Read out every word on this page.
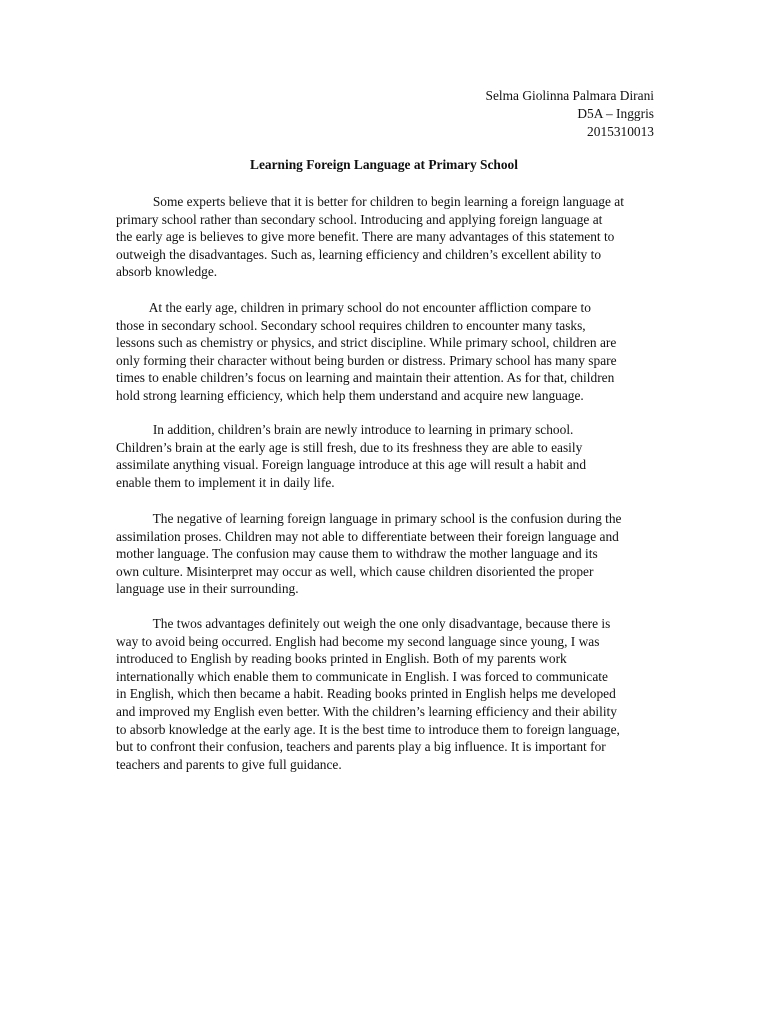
Selma Giolinna Palmara Dirani
D5A – Inggris
2015310013
Learning Foreign Language at Primary School
Some experts believe that it is better for children to begin learning a foreign language at
primary school rather than secondary school. Introducing and applying foreign language at
the early age is believes to give more benefit. There are many advantages of this statement to
outweigh the disadvantages. Such as, learning efficiency and children’s excellent ability to
absorb knowledge.
At the early age, children in primary school do not encounter affliction compare to
those in secondary school. Secondary school requires children to encounter many tasks,
lessons such as chemistry or physics, and strict discipline. While primary school, children are
only forming their character without being burden or distress. Primary school has many spare
times to enable children’s focus on learning and maintain their attention. As for that, children
hold strong learning efficiency, which help them understand and acquire new language.
In addition, children’s brain are newly introduce to learning in primary school.
Children’s brain at the early age is still fresh, due to its freshness they are able to easily
assimilate anything visual. Foreign language introduce at this age will result a habit and
enable them to implement it in daily life.
The negative of learning foreign language in primary school is the confusion during the
assimilation proses. Children may not able to differentiate between their foreign language and
mother language. The confusion may cause them to withdraw the mother language and its
own culture. Misinterpret may occur as well, which cause children disoriented the proper
language use in their surrounding.
The twos advantages definitely out weigh the one only disadvantage, because there is
way to avoid being occurred. English had become my second language since young, I was
introduced to English by reading books printed in English. Both of my parents work
internationally which enable them to communicate in English. I was forced to communicate
in English, which then became a habit. Reading books printed in English helps me developed
and improved my English even better. With the children’s learning efficiency and their ability
to absorb knowledge at the early age. It is the best time to introduce them to foreign language,
but to confront their confusion, teachers and parents play a big influence. It is important for
teachers and parents to give full guidance.
